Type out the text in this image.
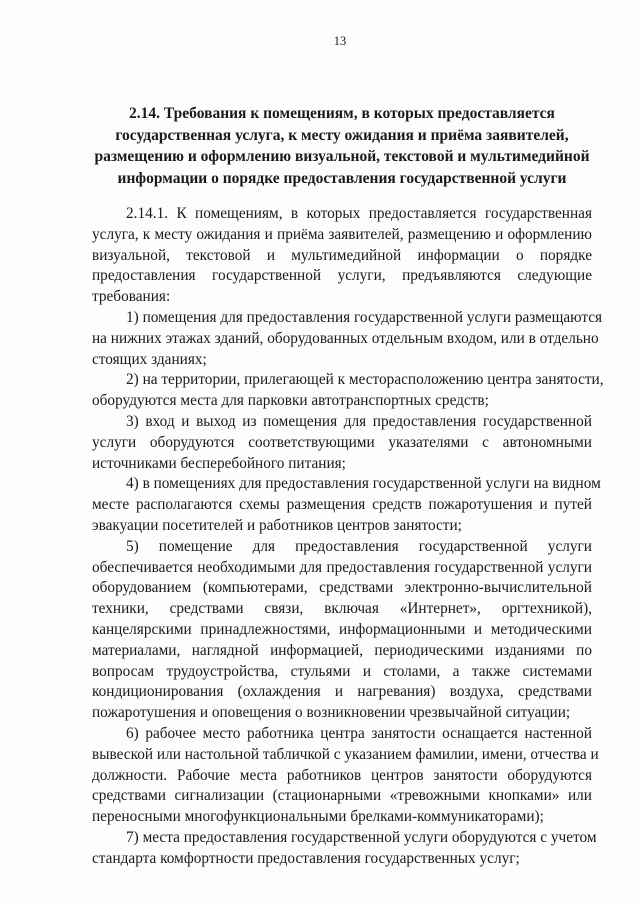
13
2.14. Требования к помещениям, в которых предоставляется
государственная услуга, к месту ожидания и приёма заявителей,
размещению и оформлению визуальной, текстовой и мультимедийной
информации о порядке предоставления государственной услуги

2.14.1. К помещениям, в которых предоставляется государственная
услуга, к месту ожидания и приёма заявителей, размещению и оформлению
визуальной, текстовой и мультимедийной информации о порядке
предоставления государственной услуги, предъявляются следующие
требования:

1) помещения для предоставления государственной услуги размещаются
на нижних этажах зданий, оборудованных отдельным входом, или в отдельно
стоящих зданиях;

2) на территории, прилегающей к месторасположению центра занятости,
оборудуются места для парковки автотранспортных средств;

3) вход и выход из помещения для предоставления государственной
услуги оборудуются соответствующими указателями с автономными
источниками бесперебойного питания;

4) в помещениях для предоставления государственной услуги на видном
месте располагаются схемы размещения средств пожаротушения и путей
эвакуации посетителей и работников центров занятости;

5) помещение для предоставления государственной услуги
обеспечивается необходимыми для предоставления государственной услуги
оборудованием (компьютерами, средствами электронно-вычислительной
техники, средствами связи, включая «Интернет», оргтехникой),
канцелярскими принадлежностями, информационными и методическими
материалами, наглядной информацией, периодическими изданиями по
вопросам трудоустройства, стульями и столами, а также системами
кондиционирования (охлаждения и нагревания) воздуха, средствами
пожаротушения и оповещения о возникновении чрезвычайной ситуации;

6) рабочее место работника центра занятости оснащается настенной
вывеской или настольной табличкой с указанием фамилии, имени, отчества и
должности. Рабочие места работников центров занятости оборудуются
средствами сигнализации (стационарными «тревожными кнопками» или
переносными многофункциональными брелками-коммуникаторами);

7) места предоставления государственной услуги оборудуются с учетом
стандарта комфортности предоставления государственных услуг;
